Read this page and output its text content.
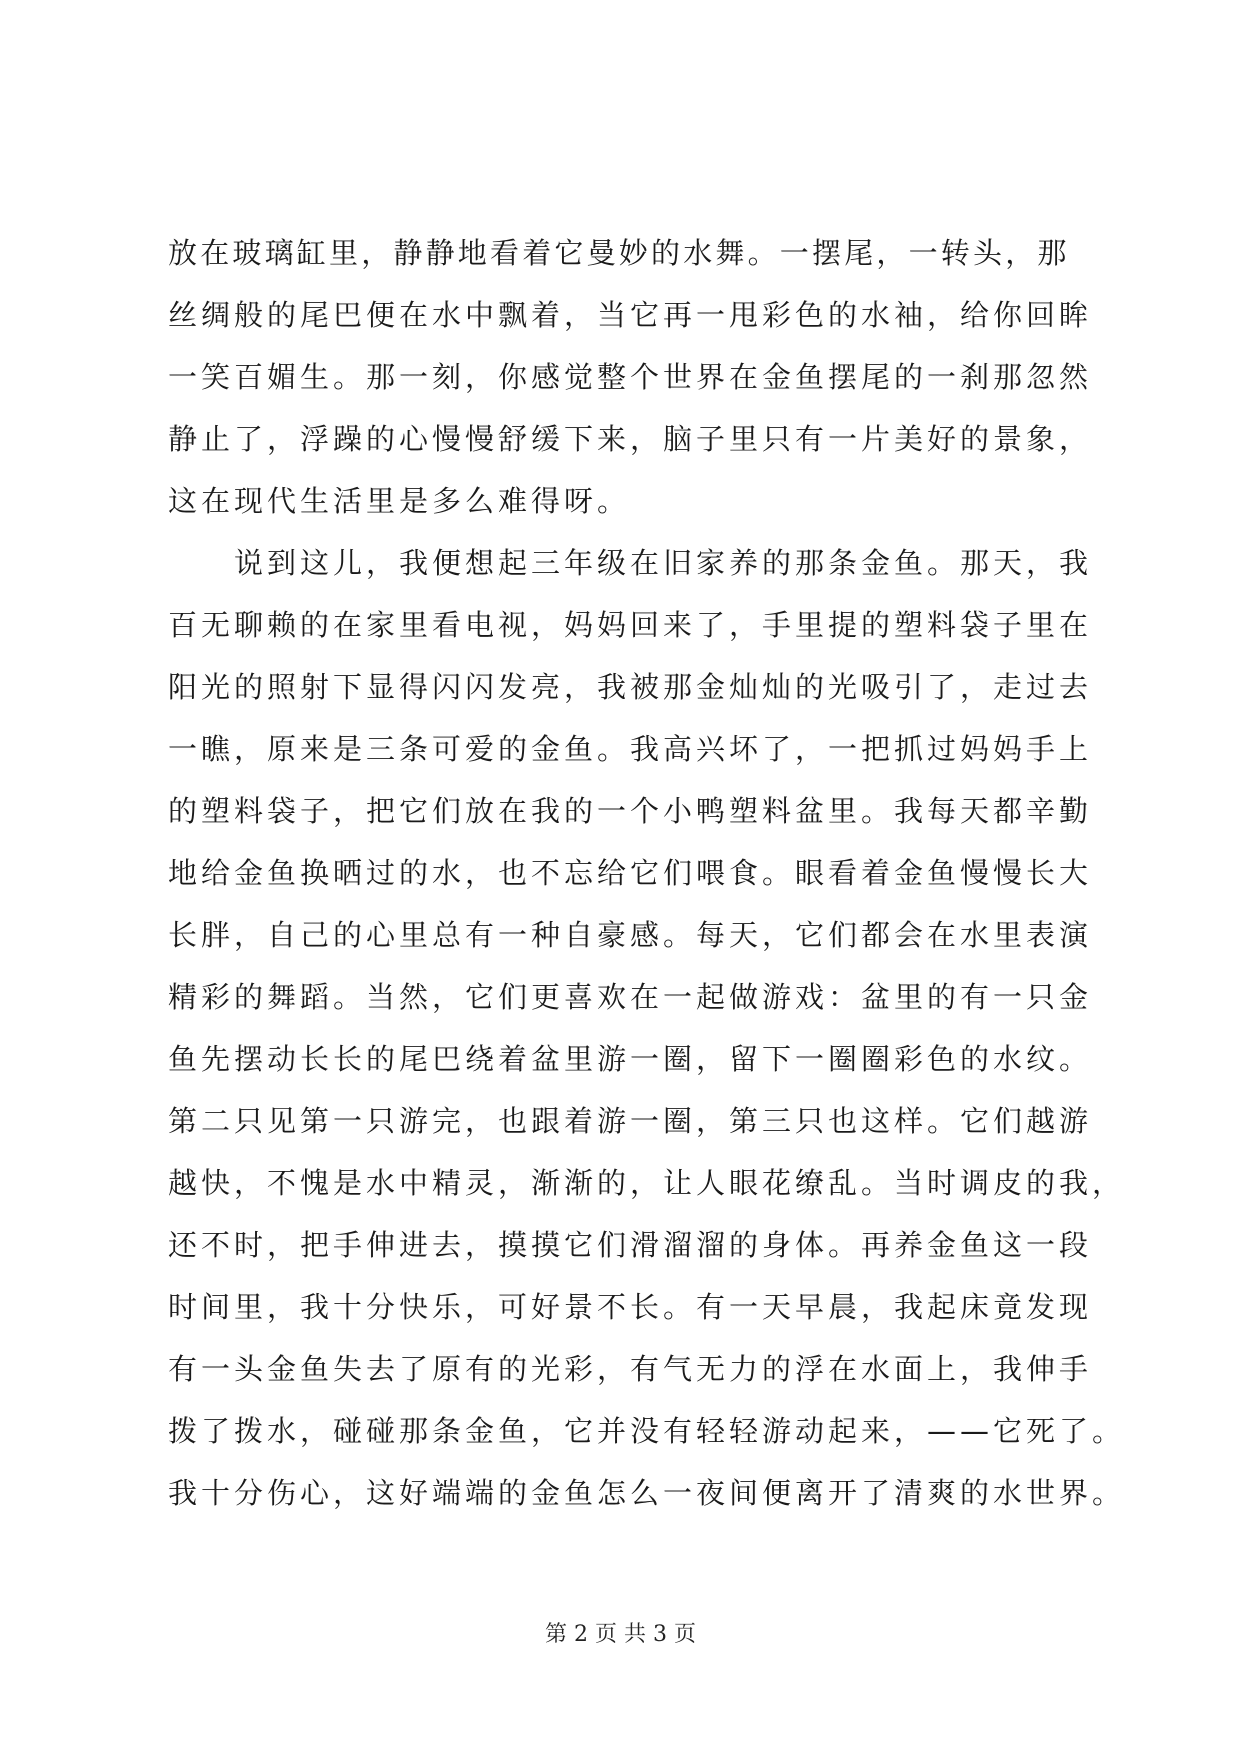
放在玻璃缸里，静静地看着它曼妙的水舞。一摆尾，一转头，那
丝绸般的尾巴便在水中飘着，当它再一甩彩色的水袖，给你回眸
一笑百媚生。那一刻，你感觉整个世界在金鱼摆尾的一刹那忽然
静止了，浮躁的心慢慢舒缓下来，脑子里只有一片美好的景象，
这在现代生活里是多么难得呀。
　　说到这儿，我便想起三年级在旧家养的那条金鱼。那天，我
百无聊赖的在家里看电视，妈妈回来了，手里提的塑料袋子里在
阳光的照射下显得闪闪发亮，我被那金灿灿的光吸引了，走过去
一瞧，原来是三条可爱的金鱼。我高兴坏了，一把抓过妈妈手上
的塑料袋子，把它们放在我的一个小鸭塑料盆里。我每天都辛勤
地给金鱼换晒过的水，也不忘给它们喂食。眼看着金鱼慢慢长大
长胖，自己的心里总有一种自豪感。每天，它们都会在水里表演
精彩的舞蹈。当然，它们更喜欢在一起做游戏：盆里的有一只金
鱼先摆动长长的尾巴绕着盆里游一圈，留下一圈圈彩色的水纹。
第二只见第一只游完，也跟着游一圈，第三只也这样。它们越游
越快，不愧是水中精灵，渐渐的，让人眼花缭乱。当时调皮的我，
还不时，把手伸进去，摸摸它们滑溜溜的身体。再养金鱼这一段
时间里，我十分快乐，可好景不长。有一天早晨，我起床竟发现
有一头金鱼失去了原有的光彩，有气无力的浮在水面上，我伸手
拨了拨水，碰碰那条金鱼，它并没有轻轻游动起来，——它死了。
我十分伤心，这好端端的金鱼怎么一夜间便离开了清爽的水世界。
第 2 页 共 3 页
